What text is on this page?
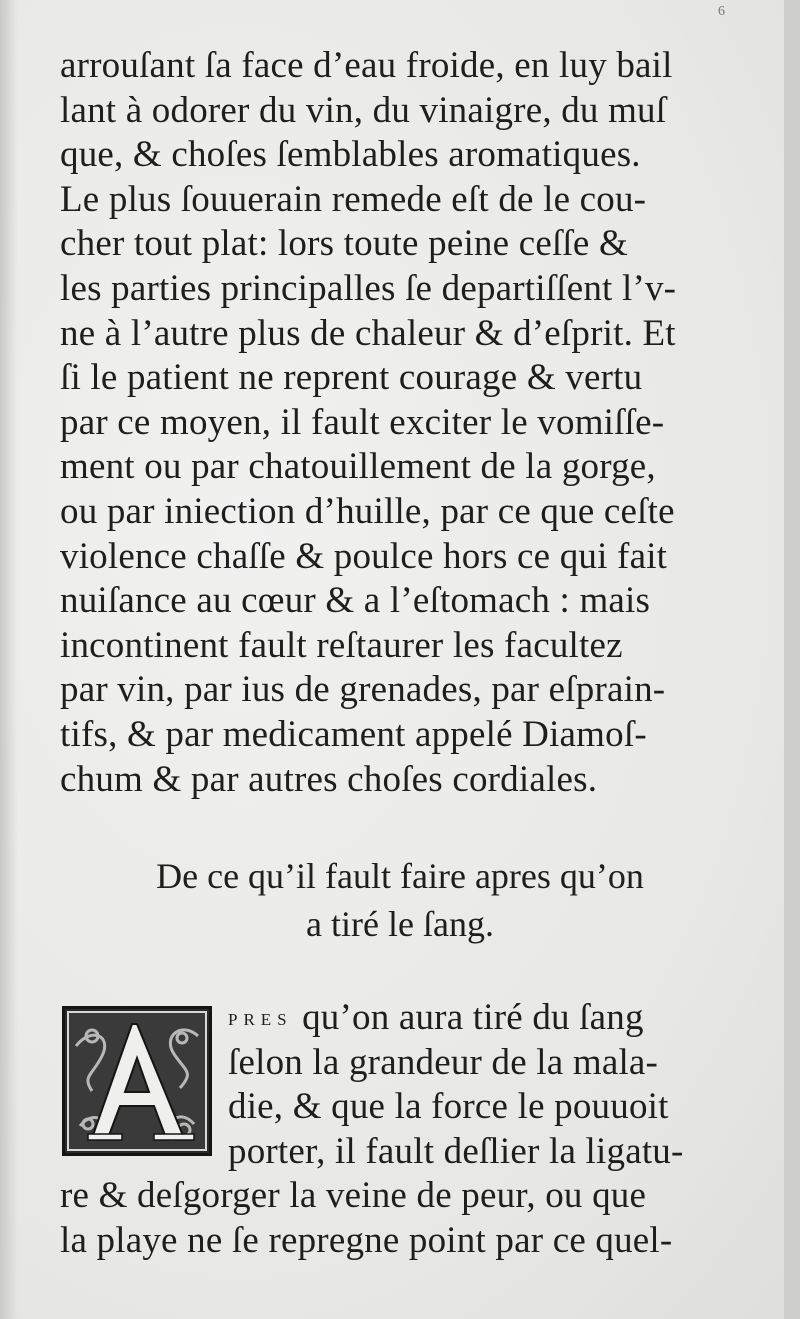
6
arrouſant ſa face d’eau froide, en luy bail
lant à odorer du vin, du vinaigre, du muſ
que, & choſes ſemblables aromatiques.
Le plus ſouuerain remede eſt de le cou-
cher tout plat: lors toute peine ceſſe &
les parties principalles ſe departiſſent l’v-
ne à l’autre plus de chaleur & d’eſprit. Et
ſi le patient ne reprent courage & vertu
par ce moyen, il fault exciter le vomiſſe-
ment ou par chatouillement de la gorge,
ou par iniection d’huille, par ce que ceſte
violence chaſſe & poulce hors ce qui fait
nuiſance au cœur & a l’eſtomach : mais
incontinent fault reſtaurer les facultez
par vin, par ius de grenades, par eſprain-
tifs, & par medicament appelé Diamoſ-
chum & par autres choſes cordiales.
De ce qu’il fault faire apres qu’on
a tiré le ſang.
PRES qu’on aura tiré du ſang
ſelon la grandeur de la mala-
die, & que la force le pouuoit
porter, il fault deſlier la ligatu-
re & deſgorger la veine de peur, ou que
la playe ne ſe repregne point par ce quel-
